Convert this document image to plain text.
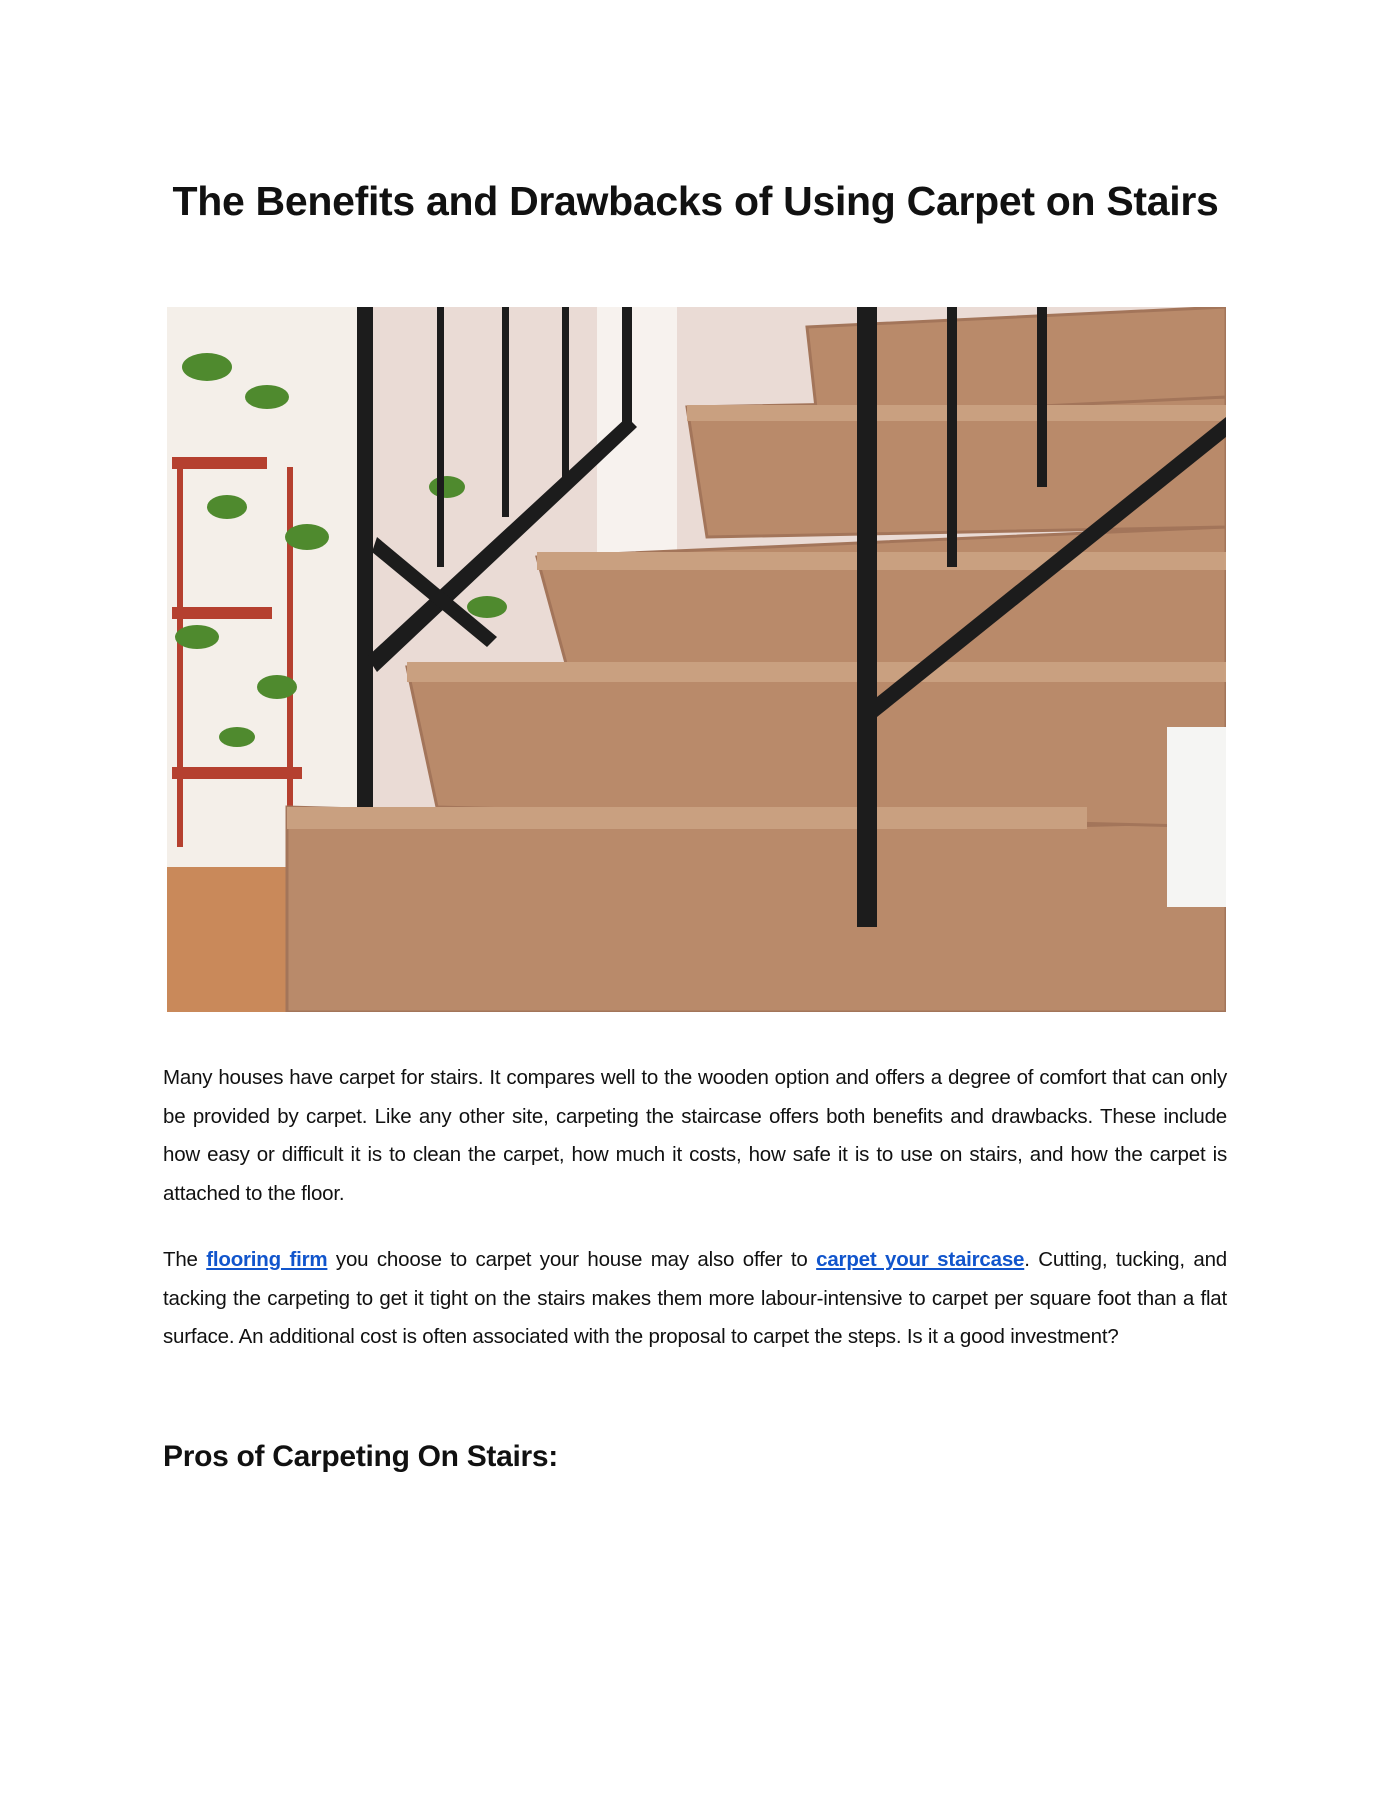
The Benefits and Drawbacks of Using Carpet on Stairs

Many houses have carpet for stairs. It compares well to the wooden option and offers a degree of comfort that can only be provided by carpet. Like any other site, carpeting the staircase offers both benefits and drawbacks. These include how easy or difficult it is to clean the carpet, how much it costs, how safe it is to use on stairs, and how the carpet is attached to the floor.

The flooring firm you choose to carpet your house may also offer to carpet your staircase. Cutting, tucking, and tacking the carpeting to get it tight on the stairs makes them more labour-intensive to carpet per square foot than a flat surface. An additional cost is often associated with the proposal to carpet the steps. Is it a good investment?

Pros of Carpeting On Stairs:
